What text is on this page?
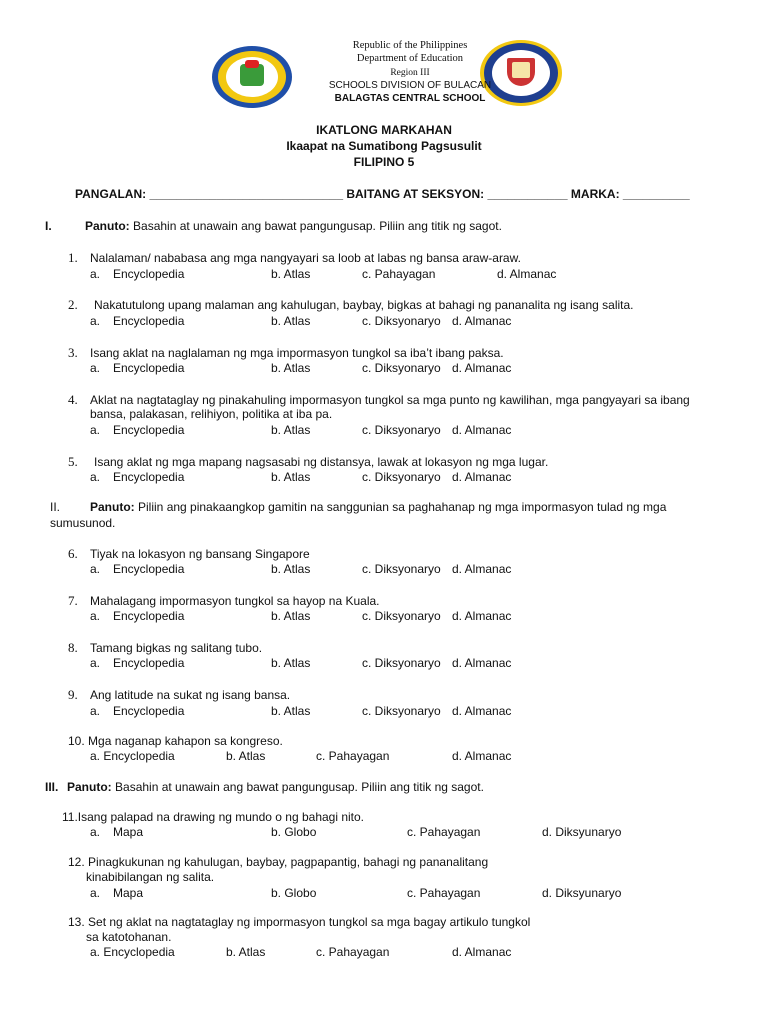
Republic of the Philippines
Department of Education
Region III
SCHOOLS DIVISION OF BULACAN
BALAGTAS CENTRAL SCHOOL
IKATLONG MARKAHAN
Ikaapat na Sumatibong Pagsusulit
FILIPINO 5
PANGALAN: _____________________________ BAITANG AT SEKSYON: ____________ MARKA: __________
I.	Panuto: Basahin at unawain ang bawat pangungusap. Piliin ang titik ng sagot.
1. Nalalaman/ nababasa ang mga nangyayari sa loob at labas ng bansa araw-araw.
a. Encyclopedia	b. Atlas	c. Pahayagan	d. Almanac
2. Nakatutulong upang malaman ang kahulugan, baybay, bigkas at bahagi ng pananalita ng isang salita.
a. Encyclopedia	b. Atlas	c. Diksyonaryo d. Almanac
3. Isang aklat na naglalaman ng mga impormasyon tungkol sa iba’t ibang paksa.
a. Encyclopedia	b. Atlas	c. Diksyonaryo d. Almanac
4. Aklat na nagtataglay ng pinakahuling impormasyon tungkol sa mga punto ng kawilihan, mga pangyayari sa ibang
bansa, palakasan, relihiyon, politika at iba pa.
a. Encyclopedia	b. Atlas	c. Diksyonaryo d. Almanac
5. Isang aklat ng mga mapang nagsasabi ng distansya, lawak at lokasyon ng mga lugar.
a. Encyclopedia	b. Atlas	c. Diksyonaryo d. Almanac
II. Panuto: Piliin ang pinakaangkop gamitin na sanggunian sa paghahanap ng mga impormasyon tulad ng mga
sumusunod.
6. Tiyak na lokasyon ng bansang Singapore
a. Encyclopedia	b. Atlas	c. Diksyonaryo d. Almanac
7. Mahalagang impormasyon tungkol sa hayop na Kuala.
a. Encyclopedia	b. Atlas	c. Diksyonaryo d. Almanac
8. Tamang bigkas ng salitang tubo.
a. Encyclopedia	b. Atlas	c. Diksyonaryo d. Almanac
9. Ang latitude na sukat ng isang bansa.
a. Encyclopedia	b. Atlas	c. Diksyonaryo d. Almanac
10. Mga naganap kahapon sa kongreso.
a. Encyclopedia	b. Atlas	c. Pahayagan	d. Almanac
III. Panuto: Basahin at unawain ang bawat pangungusap. Piliin ang titik ng sagot.
11.Isang palapad na drawing ng mundo o ng bahagi nito.
a. Mapa	b. Globo	c. Pahayagan	d. Diksyunaryo
12. Pinagkukunan ng kahulugan, baybay, pagpapantig, bahagi ng pananalitang
kinabibilangan ng salita.
a. Mapa	b. Globo	c. Pahayagan	d. Diksyunaryo
13. Set ng aklat na nagtataglay ng impormasyon tungkol sa mga bagay artikulo tungkol
sa katotohanan.
a. Encyclopedia	b. Atlas	c. Pahayagan	d. Almanac
